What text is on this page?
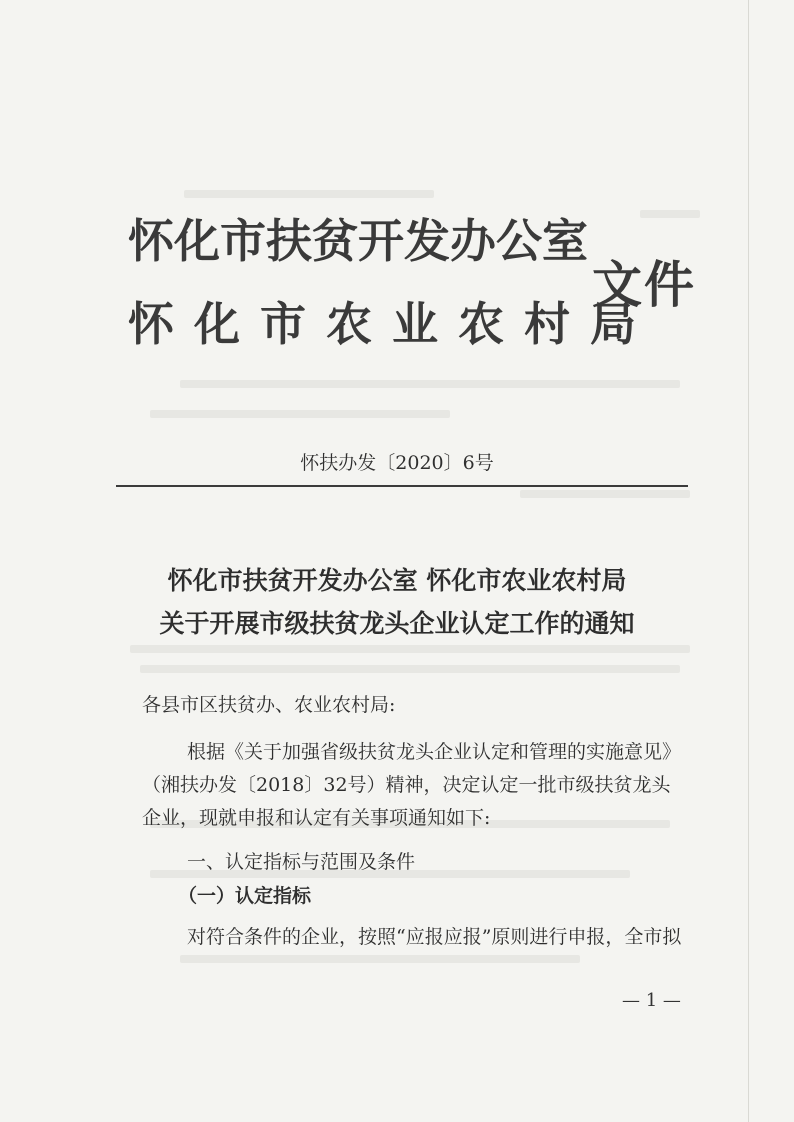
怀化市扶贫开发办公室

怀化市农业农村局

文件

怀扶办发〔2020〕6号

怀化市扶贫开发办公室 怀化市农业农村局
关于开展市级扶贫龙头企业认定工作的通知

各县市区扶贫办、农业农村局:

根据《关于加强省级扶贫龙头企业认定和管理的实施意见》

（湘扶办发〔2018〕32号）精神，决定认定一批市级扶贫龙头

企业，现就申报和认定有关事项通知如下:

一、认定指标与范围及条件

（一）认定指标

对符合条件的企业，按照“应报应报”原则进行申报，全市拟

— 1 —
